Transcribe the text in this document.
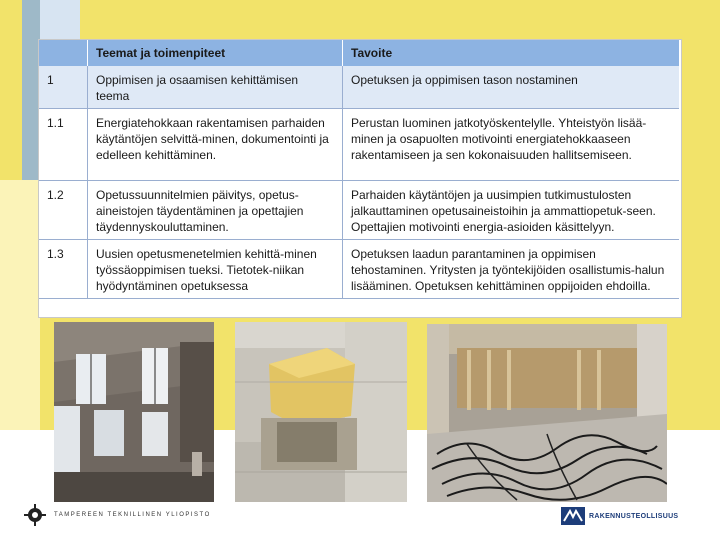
	Teemat ja toimenpiteet	Tavoite
1	Oppimisen ja osaamisen kehittämisen teema	Opetuksen ja oppimisen tason nostaminen
1.1	Energiatehokkaan rakentamisen parhaiden käytäntöjen selvittä-minen, dokumentointi ja edelleen kehittäminen.	Perustan luominen jatkotyöskentelylle. Yhteistyön lisää-minen ja osapuolten motivointi energiatehokkaaseen rakentamiseen ja sen kokonaisuuden hallitsemiseen.
1.2	Opetussuunnitelmien päivitys, opetus-aineistojen täydentäminen ja opettajien täydennyskouluttaminen.	Parhaiden käytäntöjen ja uusimpien tutkimustulosten jalkauttaminen opetusaineistoihin ja ammattiopetuk-seen. Opettajien motivointi energia-asioiden käsittelyyn.
1.3	Uusien opetusmenetelmien kehittä-minen työssäoppimisen tueksi. Tietotek-niikan hyödyntäminen opetuksessa	Opetuksen laadun parantaminen ja oppimisen tehostaminen. Yritysten ja työntekijöiden osallistumis-halun lisääminen. Opetuksen kehittäminen oppijoiden ehdoilla.
TAMPEREEN TEKNILLINEN YLIOPISTO	RAKENNUSTEOLLISUUS
